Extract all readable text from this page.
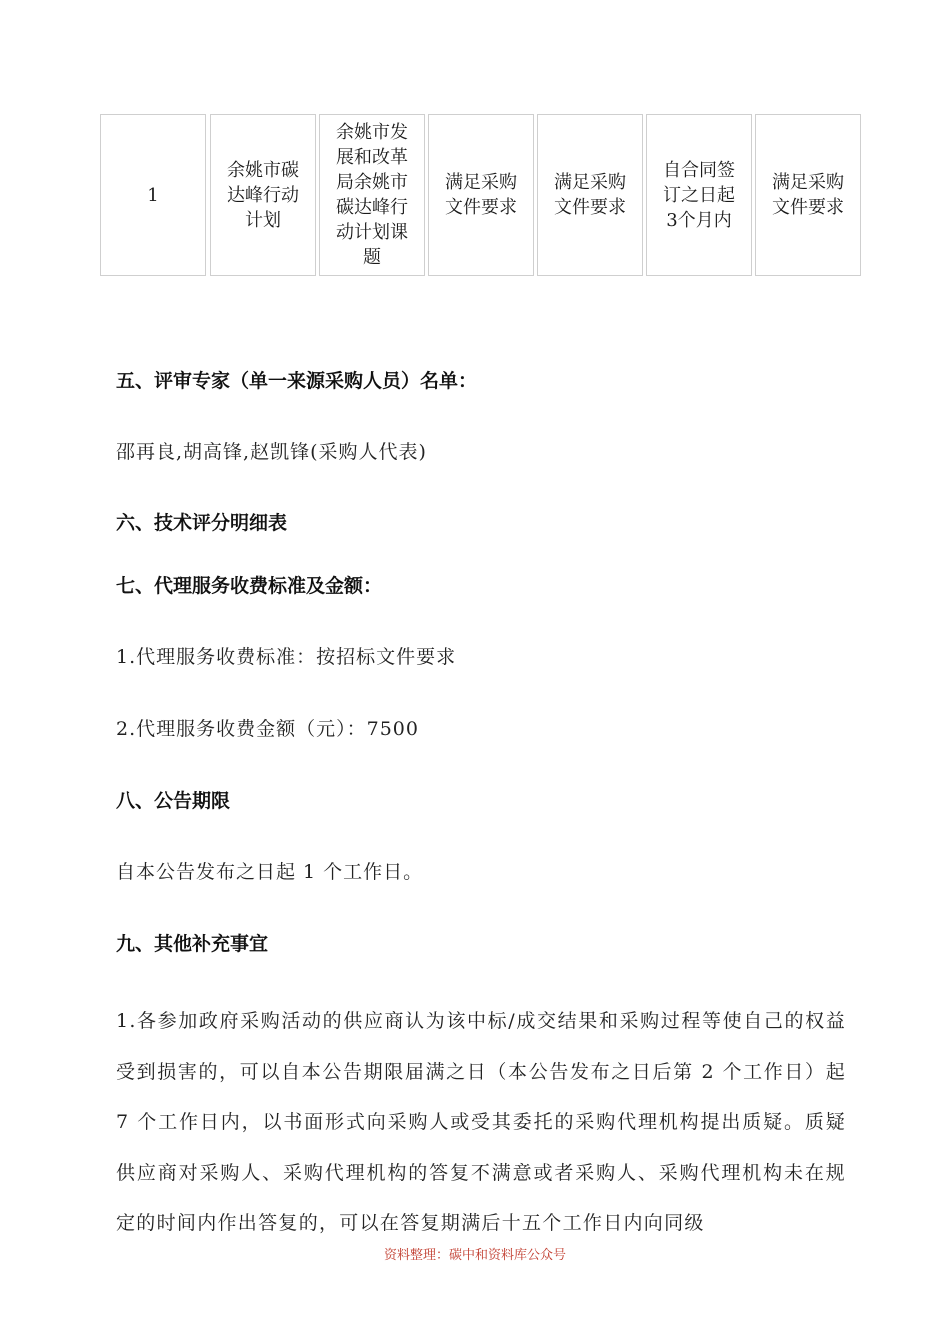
1
余姚市碳达峰行动计划
余姚市发展和改革局余姚市碳达峰行动计划课题
满足采购文件要求
满足采购文件要求
自合同签订之日起3个月内
满足采购文件要求
五、评审专家（单一来源采购人员）名单：
邵再良,胡高锋,赵凯锋(采购人代表)
六、技术评分明细表
七、代理服务收费标准及金额：
1.代理服务收费标准：按招标文件要求
2.代理服务收费金额（元）：7500
八、公告期限
自本公告发布之日起 1 个工作日。
九、其他补充事宜
1.各参加政府采购活动的供应商认为该中标/成交结果和采购过程等使自己的权益受到损害的，可以自本公告期限届满之日（本公告发布之日后第 2 个工作日）起 7 个工作日内，以书面形式向采购人或受其委托的采购代理机构提出质疑。质疑供应商对采购人、采购代理机构的答复不满意或者采购人、采购代理机构未在规定的时间内作出答复的，可以在答复期满后十五个工作日内向同级
资料整理：碳中和资料库公众号
